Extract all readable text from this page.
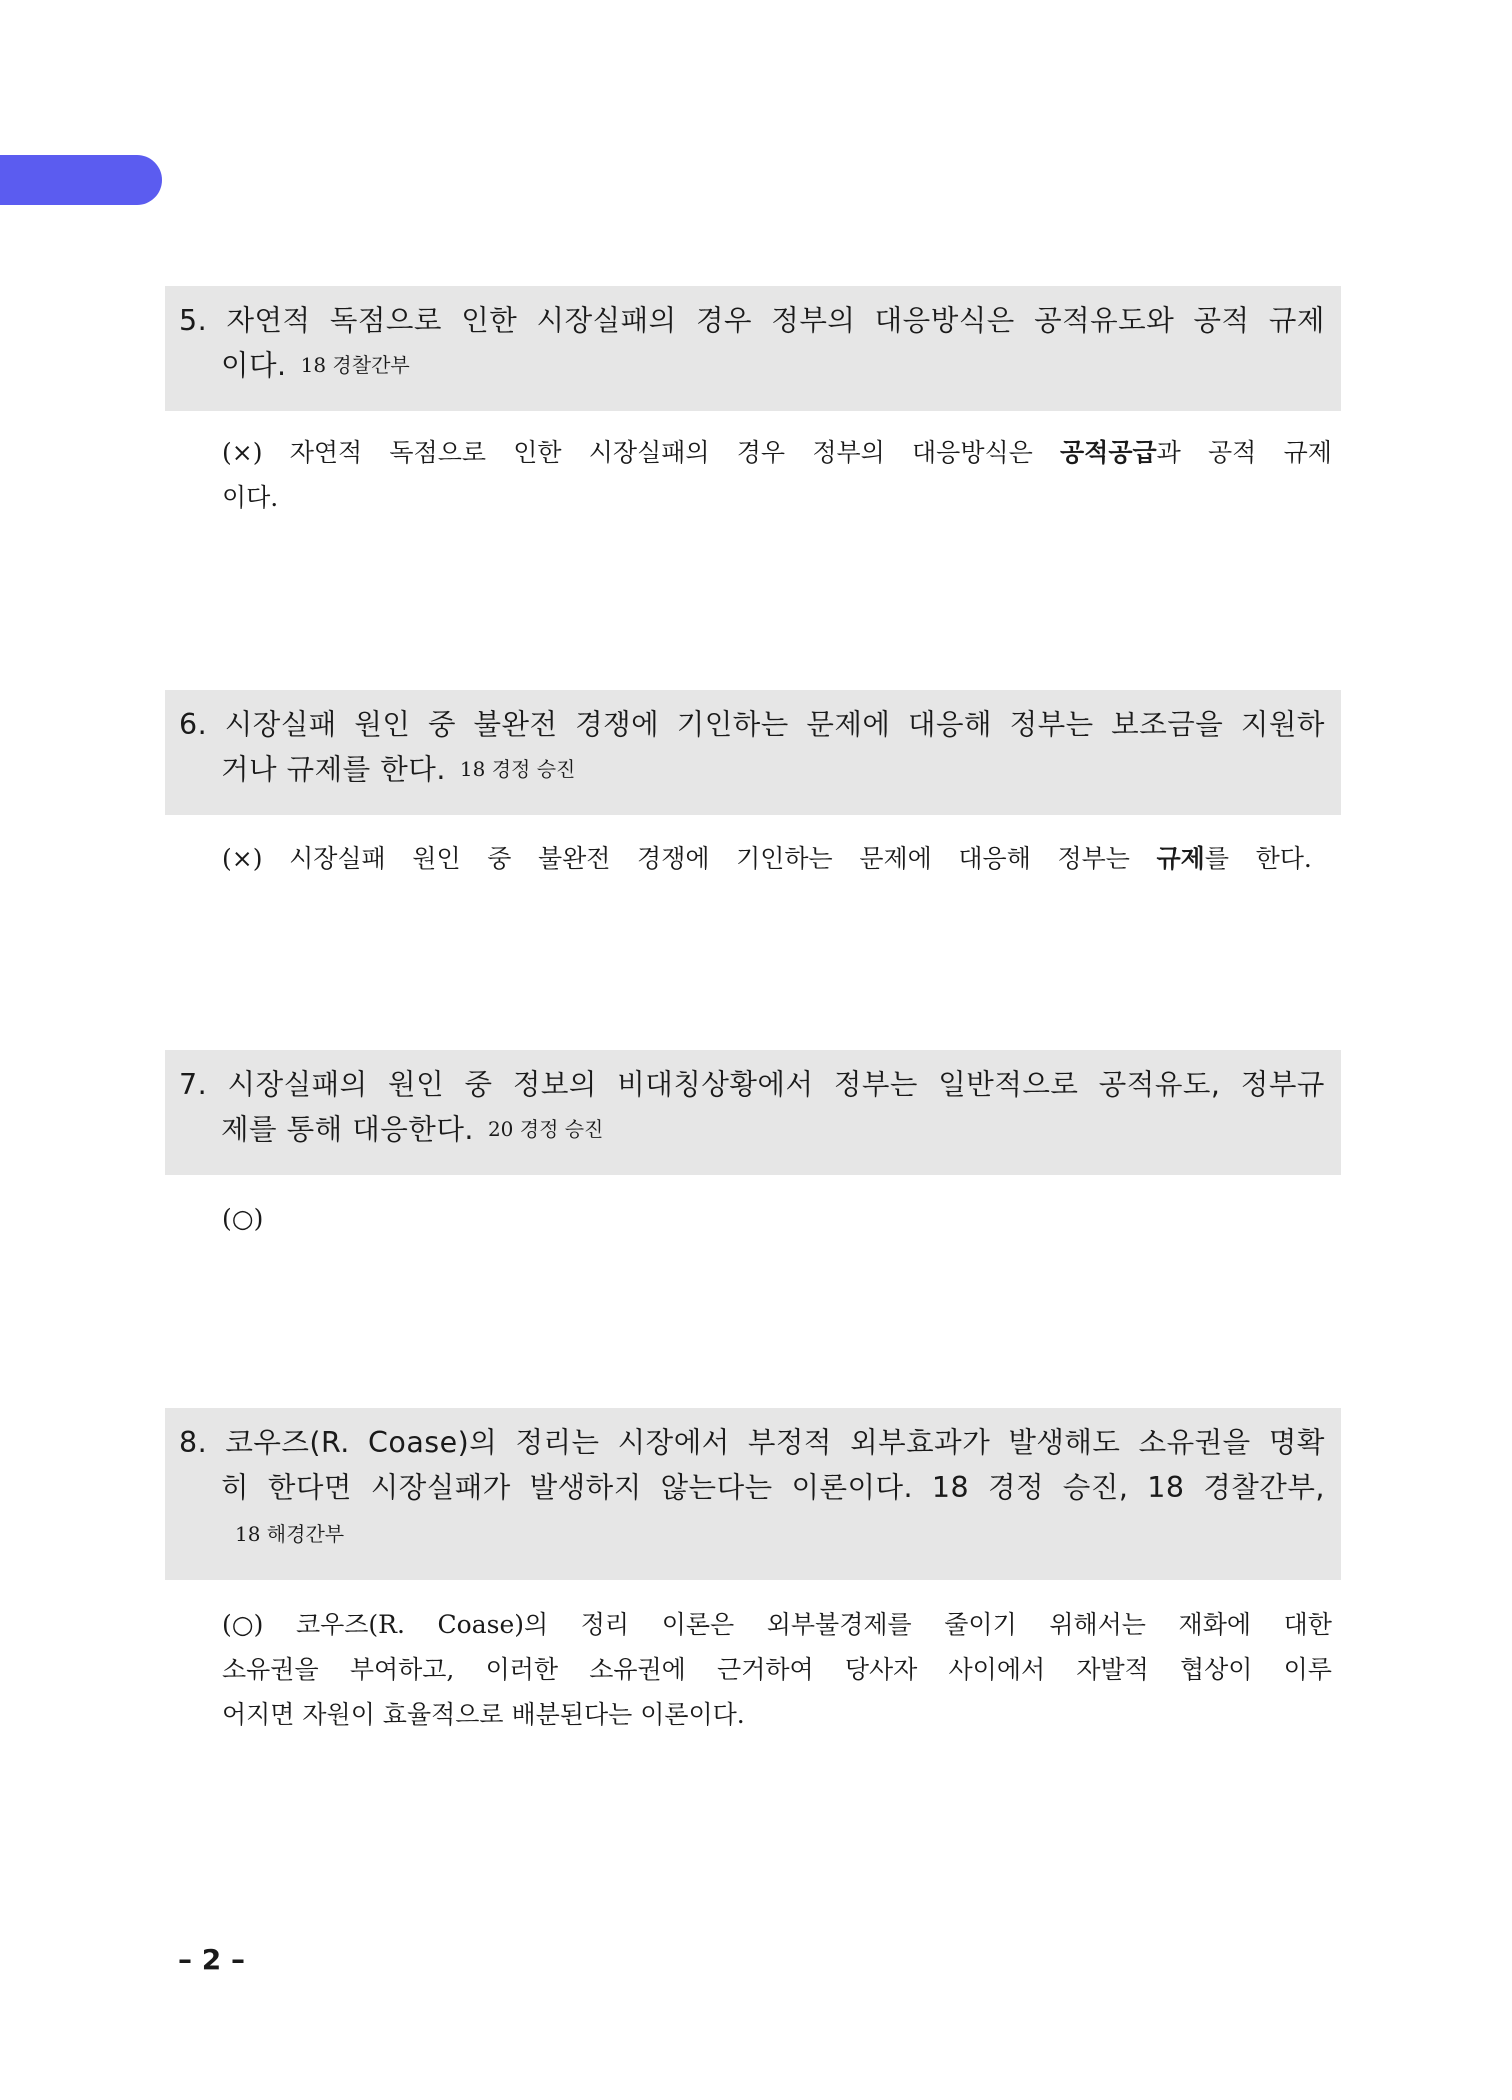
5. 자연적 독점으로 인한 시장실패의 경우 정부의 대응방식은 공적유도와 공적 규제
이다. 18 경찰간부
(×) 자연적 독점으로 인한 시장실패의 경우 정부의 대응방식은 공적공급과 공적 규제
이다.
6. 시장실패 원인 중 불완전 경쟁에 기인하는 문제에 대응해 정부는 보조금을 지원하
거나 규제를 한다. 18 경정 승진
(×) 시장실패 원인 중 불완전 경쟁에 기인하는 문제에 대응해 정부는 규제를 한다.
7. 시장실패의 원인 중 정보의 비대칭상황에서 정부는 일반적으로 공적유도, 정부규
제를 통해 대응한다. 20 경정 승진
(○)
8. 코우즈(R. Coase)의 정리는 시장에서 부정적 외부효과가 발생해도 소유권을 명확
히 한다면 시장실패가 발생하지 않는다는 이론이다. 18 경정 승진, 18 경찰간부,
18 해경간부
(○) 코우즈(R. Coase)의 정리 이론은 외부불경제를 줄이기 위해서는 재화에 대한
소유권을 부여하고, 이러한 소유권에 근거하여 당사자 사이에서 자발적 협상이 이루
어지면 자원이 효율적으로 배분된다는 이론이다.
– 2 –
